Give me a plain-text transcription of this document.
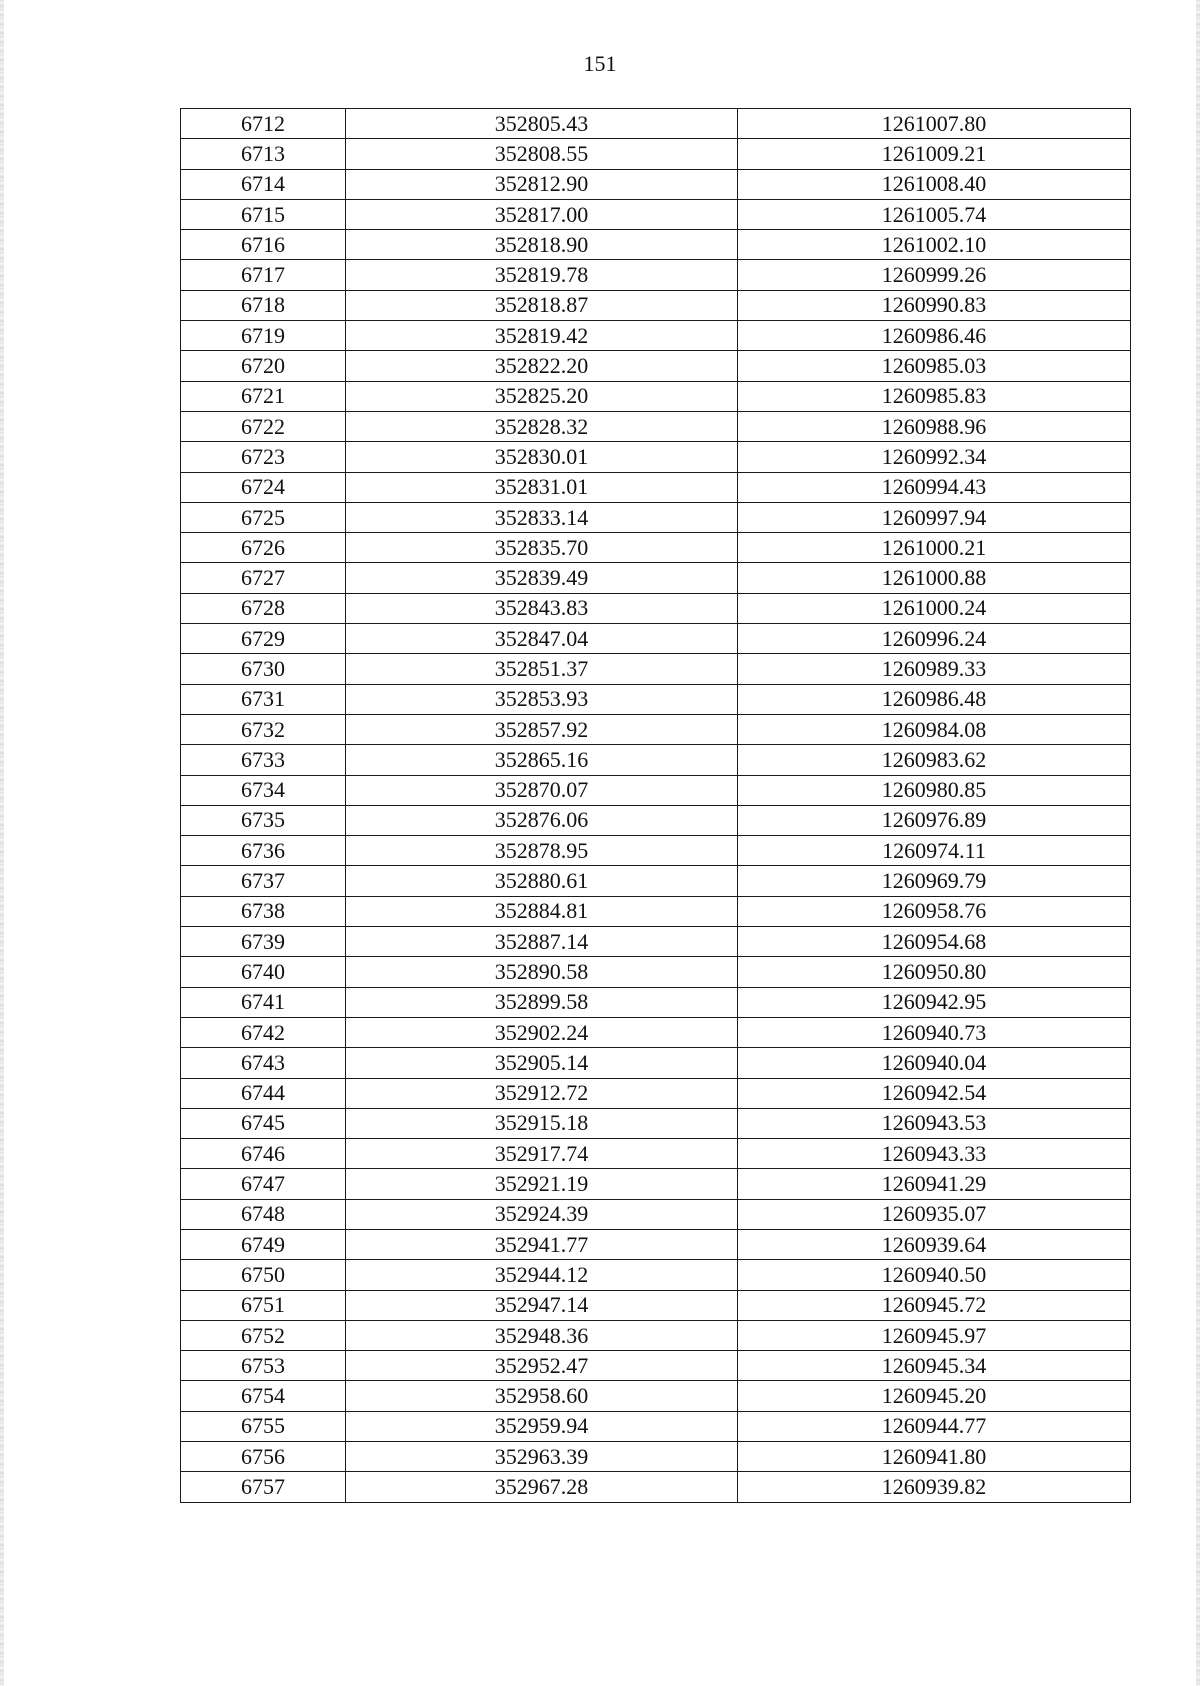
151
6712	352805.43	1261007.80
6713	352808.55	1261009.21
6714	352812.90	1261008.40
6715	352817.00	1261005.74
6716	352818.90	1261002.10
6717	352819.78	1260999.26
6718	352818.87	1260990.83
6719	352819.42	1260986.46
6720	352822.20	1260985.03
6721	352825.20	1260985.83
6722	352828.32	1260988.96
6723	352830.01	1260992.34
6724	352831.01	1260994.43
6725	352833.14	1260997.94
6726	352835.70	1261000.21
6727	352839.49	1261000.88
6728	352843.83	1261000.24
6729	352847.04	1260996.24
6730	352851.37	1260989.33
6731	352853.93	1260986.48
6732	352857.92	1260984.08
6733	352865.16	1260983.62
6734	352870.07	1260980.85
6735	352876.06	1260976.89
6736	352878.95	1260974.11
6737	352880.61	1260969.79
6738	352884.81	1260958.76
6739	352887.14	1260954.68
6740	352890.58	1260950.80
6741	352899.58	1260942.95
6742	352902.24	1260940.73
6743	352905.14	1260940.04
6744	352912.72	1260942.54
6745	352915.18	1260943.53
6746	352917.74	1260943.33
6747	352921.19	1260941.29
6748	352924.39	1260935.07
6749	352941.77	1260939.64
6750	352944.12	1260940.50
6751	352947.14	1260945.72
6752	352948.36	1260945.97
6753	352952.47	1260945.34
6754	352958.60	1260945.20
6755	352959.94	1260944.77
6756	352963.39	1260941.80
6757	352967.28	1260939.82
